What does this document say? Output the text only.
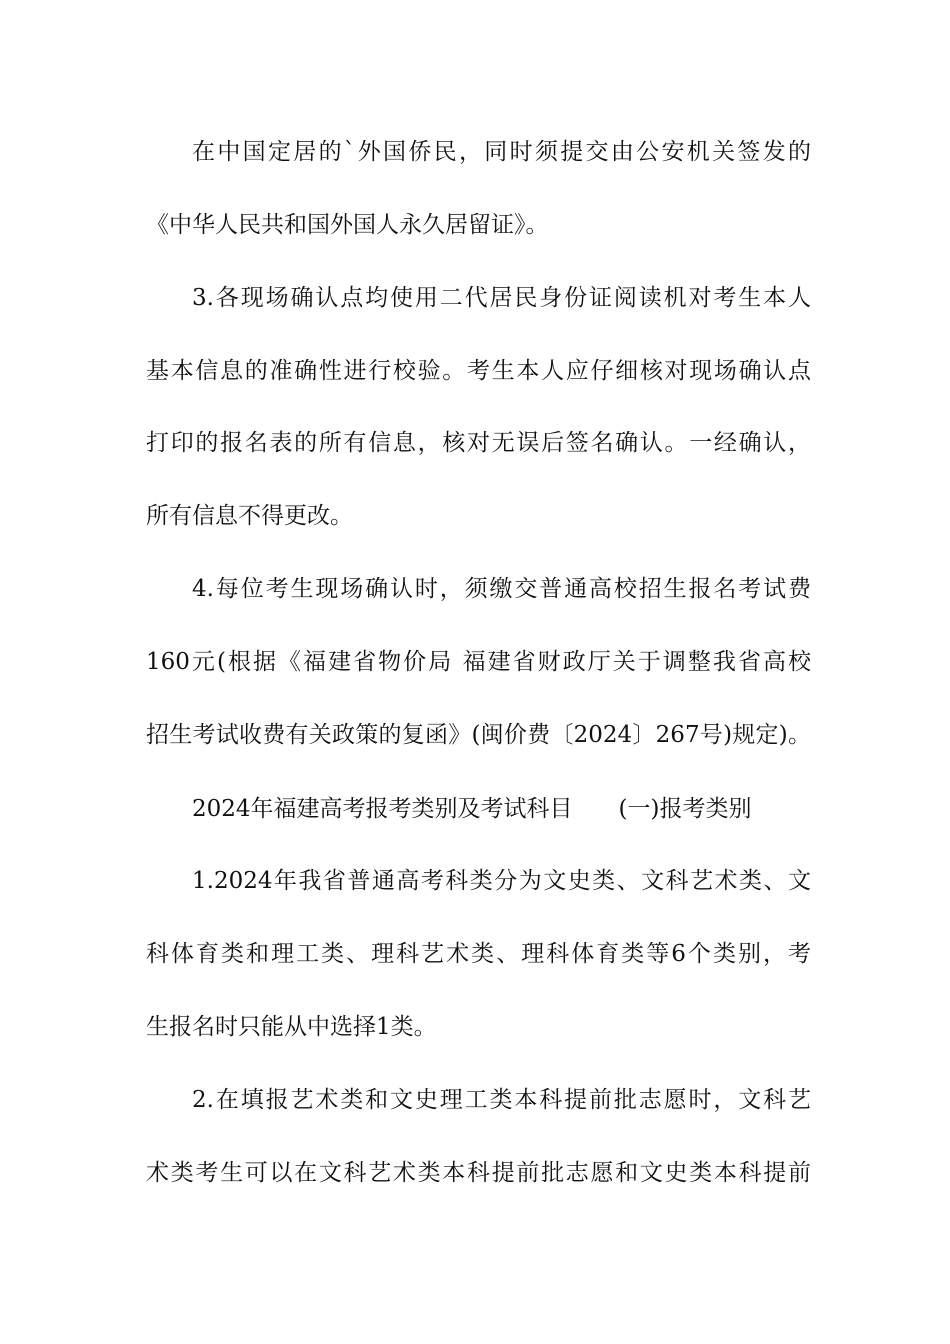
在中国定居的`外国侨民，同时须提交由公安机关签发的
《中华人民共和国外国人永久居留证》。
3.各现场确认点均使用二代居民身份证阅读机对考生本人
基本信息的准确性进行校验。考生本人应仔细核对现场确认点
打印的报名表的所有信息，核对无误后签名确认。一经确认，
所有信息不得更改。
4.每位考生现场确认时，须缴交普通高校招生报名考试费
160元(根据《福建省物价局 福建省财政厅关于调整我省高校
招生考试收费有关政策的复函》(闽价费〔2024〕267号)规定)。
2024年福建高考报考类别及考试科目　　(一)报考类别
1.2024年我省普通高考科类分为文史类、文科艺术类、文
科体育类和理工类、理科艺术类、理科体育类等6个类别，考
生报名时只能从中选择1类。
2.在填报艺术类和文史理工类本科提前批志愿时，文科艺
术类考生可以在文科艺术类本科提前批志愿和文史类本科提前
